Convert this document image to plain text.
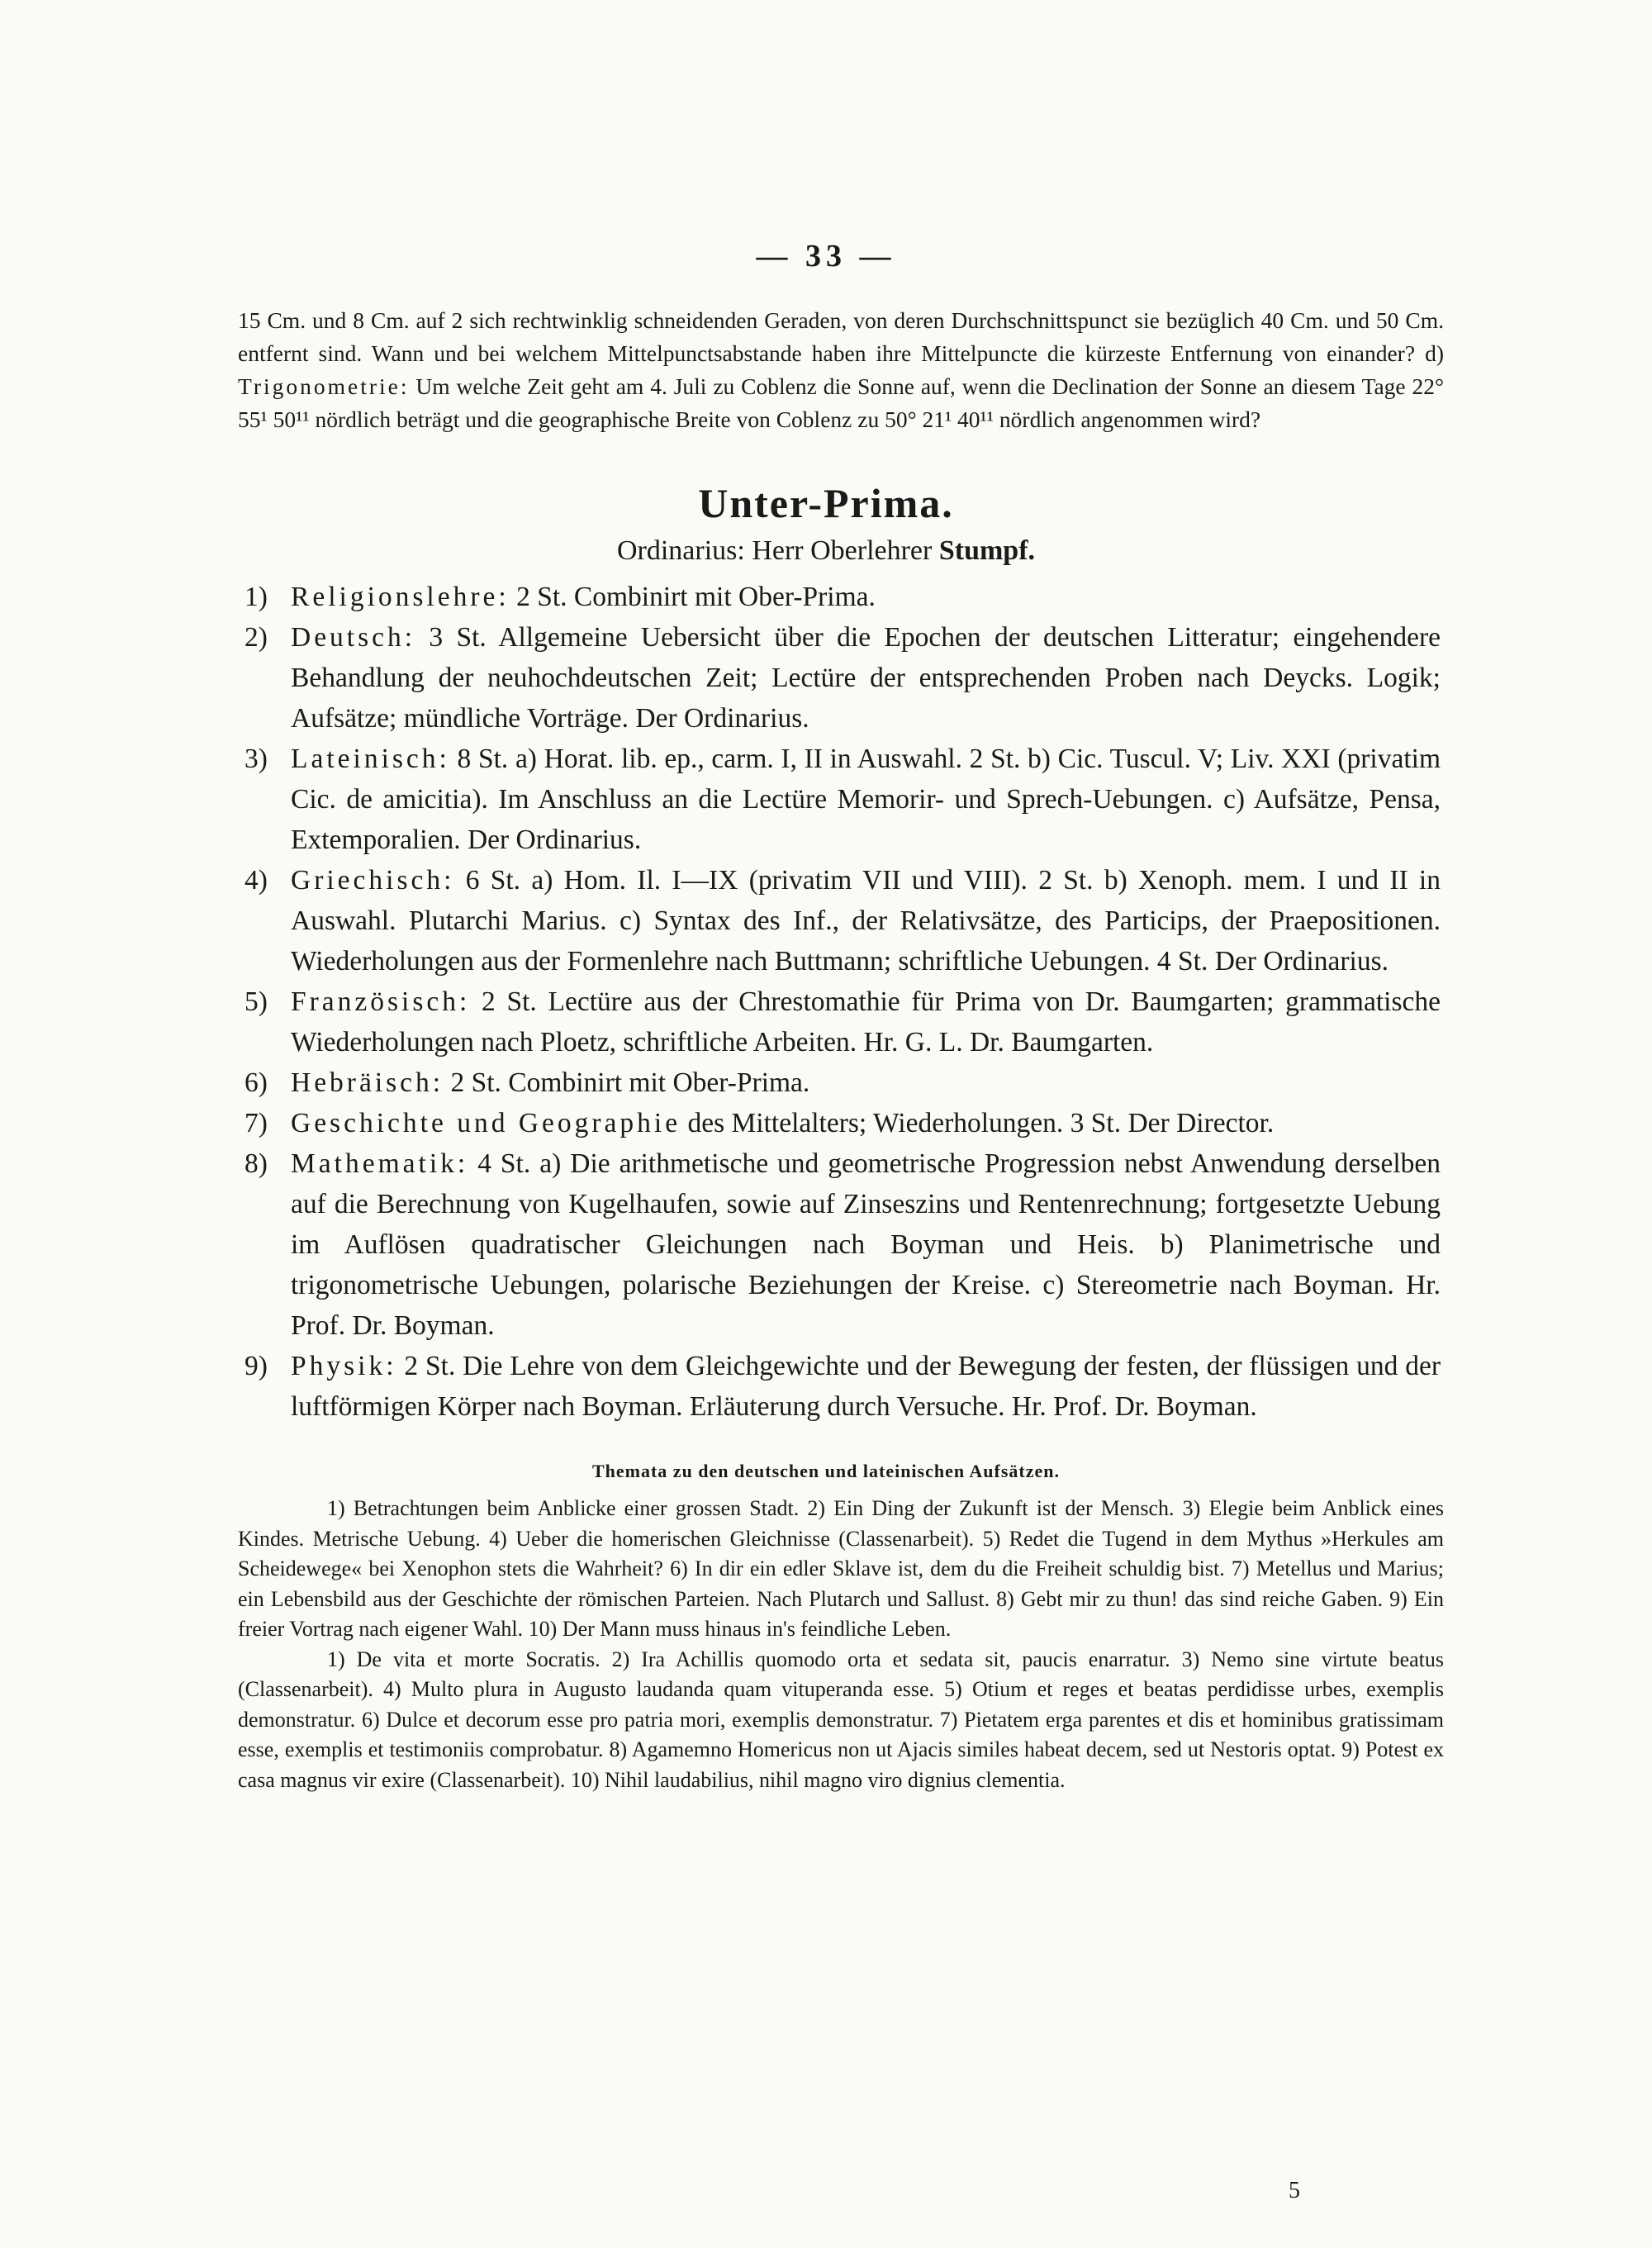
— 33 —
15 Cm. und 8 Cm. auf 2 sich rechtwinklig schneidenden Geraden, von deren Durchschnittspunct sie bezüglich 40 Cm. und 50 Cm. entfernt sind. Wann und bei welchem Mittelpunctsabstande haben ihre Mittelpuncte die kürzeste Entfernung von einander? d) Trigonometrie: Um welche Zeit geht am 4. Juli zu Coblenz die Sonne auf, wenn die Declination der Sonne an diesem Tage 22° 55¹ 50¹¹ nördlich beträgt und die geographische Breite von Coblenz zu 50° 21¹ 40¹¹ nördlich angenommen wird?
Unter-Prima.
Ordinarius: Herr Oberlehrer Stumpf.
1) Religionslehre: 2 St. Combinirt mit Ober-Prima.
2) Deutsch: 3 St. Allgemeine Uebersicht über die Epochen der deutschen Litteratur; eingehendere Behandlung der neuhochdeutschen Zeit; Lectüre der entsprechenden Proben nach Deycks. Logik; Aufsätze; mündliche Vorträge. Der Ordinarius.
3) Lateinisch: 8 St. a) Horat. lib. ep., carm. I, II in Auswahl. 2 St. b) Cic. Tuscul. V; Liv. XXI (privatim Cic. de amicitia). Im Anschluss an die Lectüre Memorir- und Sprech-Uebungen. c) Aufsätze, Pensa, Extemporalien. Der Ordinarius.
4) Griechisch: 6 St. a) Hom. Il. I—IX (privatim VII und VIII). 2 St. b) Xenoph. mem. I und II in Auswahl. Plutarchi Marius. c) Syntax des Inf., der Relativsätze, des Particips, der Praepositionen. Wiederholungen aus der Formenlehre nach Buttmann; schriftliche Uebungen. 4 St. Der Ordinarius.
5) Französisch: 2 St. Lectüre aus der Chrestomathie für Prima von Dr. Baumgarten; grammatische Wiederholungen nach Ploetz, schriftliche Arbeiten. Hr. G. L. Dr. Baumgarten.
6) Hebräisch: 2 St. Combinirt mit Ober-Prima.
7) Geschichte und Geographie des Mittelalters; Wiederholungen. 3 St. Der Director.
8) Mathematik: 4 St. a) Die arithmetische und geometrische Progression nebst Anwendung derselben auf die Berechnung von Kugelhaufen, sowie auf Zinseszins und Rentenrechnung; fortgesetzte Uebung im Auflösen quadratischer Gleichungen nach Boyman und Heis. b) Planimetrische und trigonometrische Uebungen, polarische Beziehungen der Kreise. c) Stereometrie nach Boyman. Hr. Prof. Dr. Boyman.
9) Physik: 2 St. Die Lehre von dem Gleichgewichte und der Bewegung der festen, der flüssigen und der luftförmigen Körper nach Boyman. Erläuterung durch Versuche. Hr. Prof. Dr. Boyman.
Themata zu den deutschen und lateinischen Aufsätzen.

1) Betrachtungen beim Anblicke einer grossen Stadt. 2) Ein Ding der Zukunft ist der Mensch. 3) Elegie beim Anblick eines Kindes. Metrische Uebung. 4) Ueber die homerischen Gleichnisse (Classenarbeit). 5) Redet die Tugend in dem Mythus »Herkules am Scheidewege« bei Xenophon stets die Wahrheit? 6) In dir ein edler Sklave ist, dem du die Freiheit schuldig bist. 7) Metellus und Marius; ein Lebensbild aus der Geschichte der römischen Parteien. Nach Plutarch und Sallust. 8) Gebt mir zu thun! das sind reiche Gaben. 9) Ein freier Vortrag nach eigener Wahl. 10) Der Mann muss hinaus in's feindliche Leben.

1) De vita et morte Socratis. 2) Ira Achillis quomodo orta et sedata sit, paucis enarratur. 3) Nemo sine virtute beatus (Classenarbeit). 4) Multo plura in Augusto laudanda quam vituperanda esse. 5) Otium et reges et beatas perdidisse urbes, exemplis demonstratur. 6) Dulce et decorum esse pro patria mori, exemplis demonstratur. 7) Pietatem erga parentes et dis et hominibus gratissimam esse, exemplis et testimoniis comprobatur. 8) Agamemno Homericus non ut Ajacis similes habeat decem, sed ut Nestoris optat. 9) Potest ex casa magnus vir exire (Classenarbeit). 10) Nihil laudabilius, nihil magno viro dignius clementia.

5
